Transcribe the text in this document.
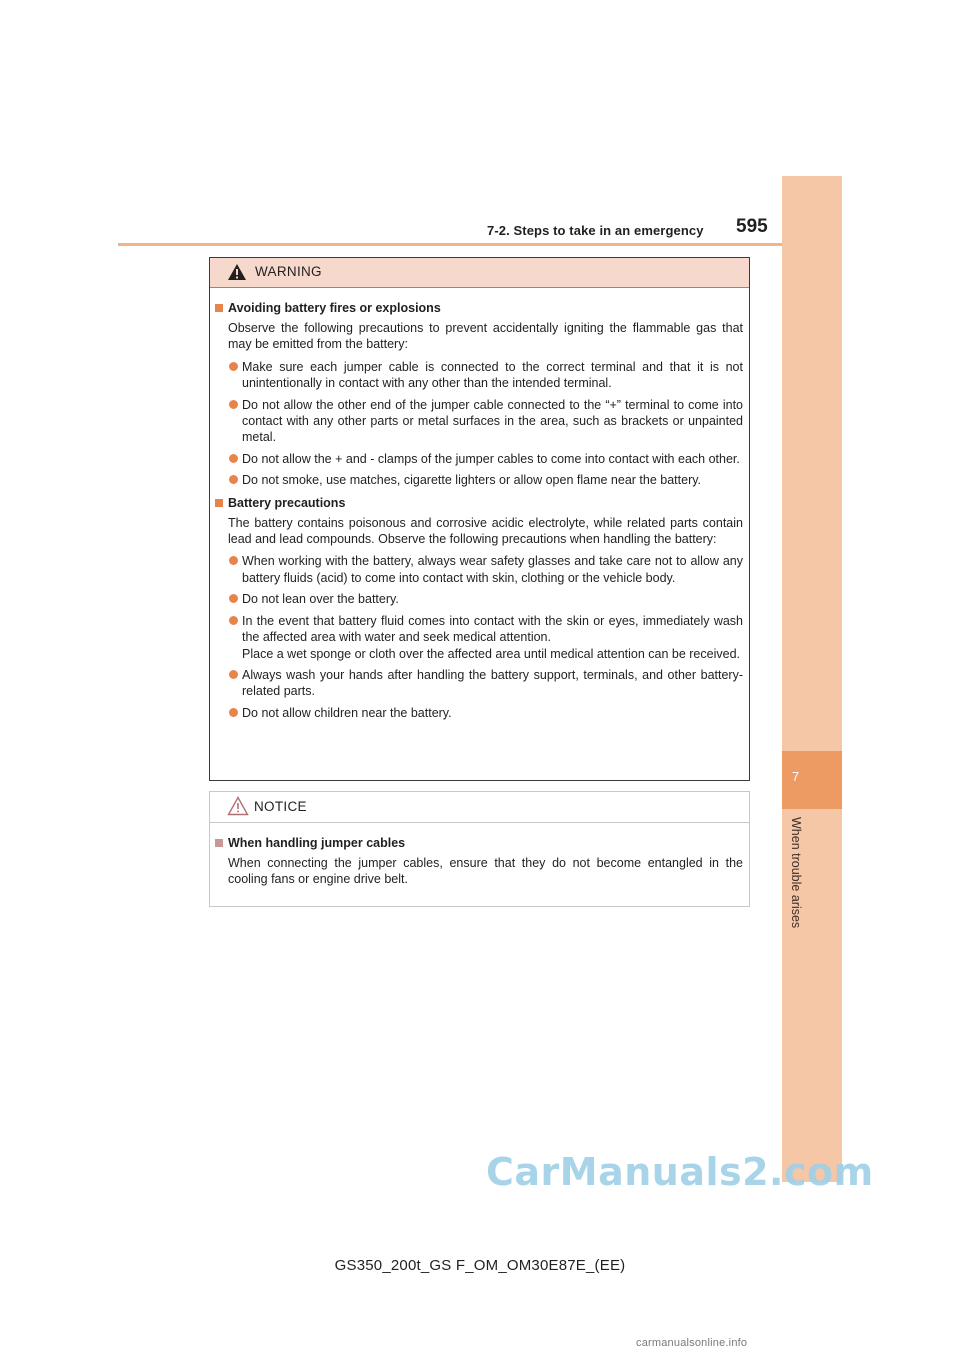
7-2. Steps to take in an emergency 595
7
When trouble arises
WARNING
Avoiding battery fires or explosions
Observe the following precautions to prevent accidentally igniting the flammable gas that may be emitted from the battery:
Make sure each jumper cable is connected to the correct terminal and that it is not unintentionally in contact with any other than the intended terminal.
Do not allow the other end of the jumper cable connected to the “+” terminal to come into contact with any other parts or metal surfaces in the area, such as brackets or unpainted metal.
Do not allow the + and - clamps of the jumper cables to come into contact with each other.
Do not smoke, use matches, cigarette lighters or allow open flame near the battery.
Battery precautions
The battery contains poisonous and corrosive acidic electrolyte, while related parts contain lead and lead compounds. Observe the following precautions when handling the battery:
When working with the battery, always wear safety glasses and take care not to allow any battery fluids (acid) to come into contact with skin, clothing or the vehicle body.
Do not lean over the battery.
In the event that battery fluid comes into contact with the skin or eyes, immediately wash the affected area with water and seek medical attention.
Place a wet sponge or cloth over the affected area until medical attention can be received.
Always wash your hands after handling the battery support, terminals, and other battery-related parts.
Do not allow children near the battery.
NOTICE
When handling jumper cables
When connecting the jumper cables, ensure that they do not become entangled in the cooling fans or engine drive belt.
CarManuals2.com
GS350_200t_GS F_OM_OM30E87E_(EE)
carmanualsonline.info
